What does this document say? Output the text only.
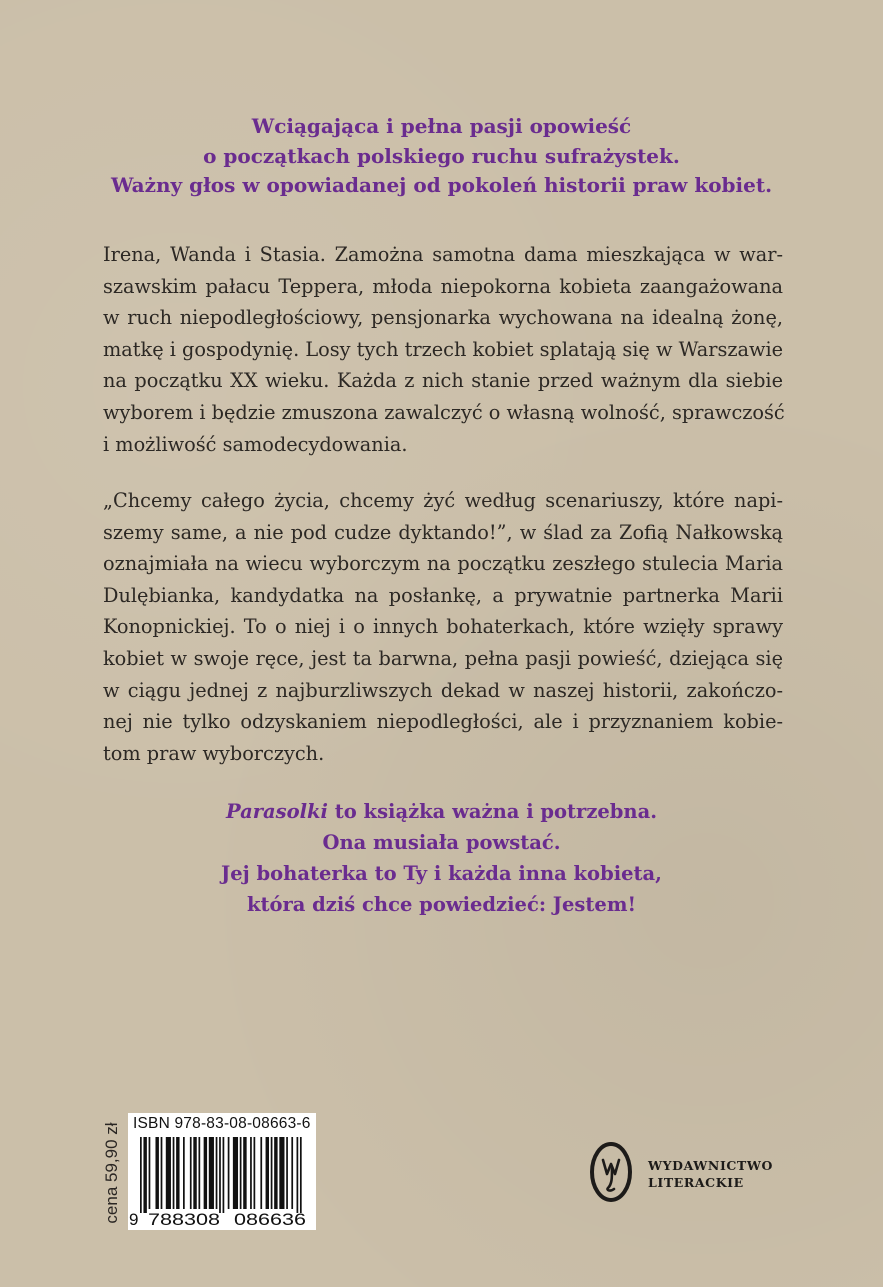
Wciągająca i pełna pasji opowieść
o początkach polskiego ruchu sufrażystek.
Ważny głos w opowiadanej od pokoleń historii praw kobiet.
Irena, Wanda i Stasia. Zamożna samotna dama mieszkająca w war-
szawskim pałacu Teppera, młoda niepokorna kobieta zaangażowana
w ruch niepodległościowy, pensjonarka wychowana na idealną żonę,
matkę i gospodynię. Losy tych trzech kobiet splatają się w Warszawie
na początku XX wieku. Każda z nich stanie przed ważnym dla siebie
wyborem i będzie zmuszona zawalczyć o własną wolność, sprawczość
i możliwość samodecydowania.
„Chcemy całego życia, chcemy żyć według scenariuszy, które napi-
szemy same, a nie pod cudze dyktando!”, w ślad za Zofią Nałkowską
oznajmiała na wiecu wyborczym na początku zeszłego stulecia Maria
Dulębianka, kandydatka na posłankę, a prywatnie partnerka Marii
Konopnickiej. To o niej i o innych bohaterkach, które wzięły sprawy
kobiet w swoje ręce, jest ta barwna, pełna pasji powieść, dziejąca się
w ciągu jednej z najburzliwszych dekad w naszej historii, zakończo-
nej nie tylko odzyskaniem niepodległości, ale i przyznaniem kobie-
tom praw wyborczych.
Parasolki to książka ważna i potrzebna.
Ona musiała powstać.
Jej bohaterka to Ty i każda inna kobieta,
która dziś chce powiedzieć: Jestem!
cena 59,90 zł ISBN 978-83-08-08663-6
9 788308 086636
WYDAWNICTWO
LITERACKIE
